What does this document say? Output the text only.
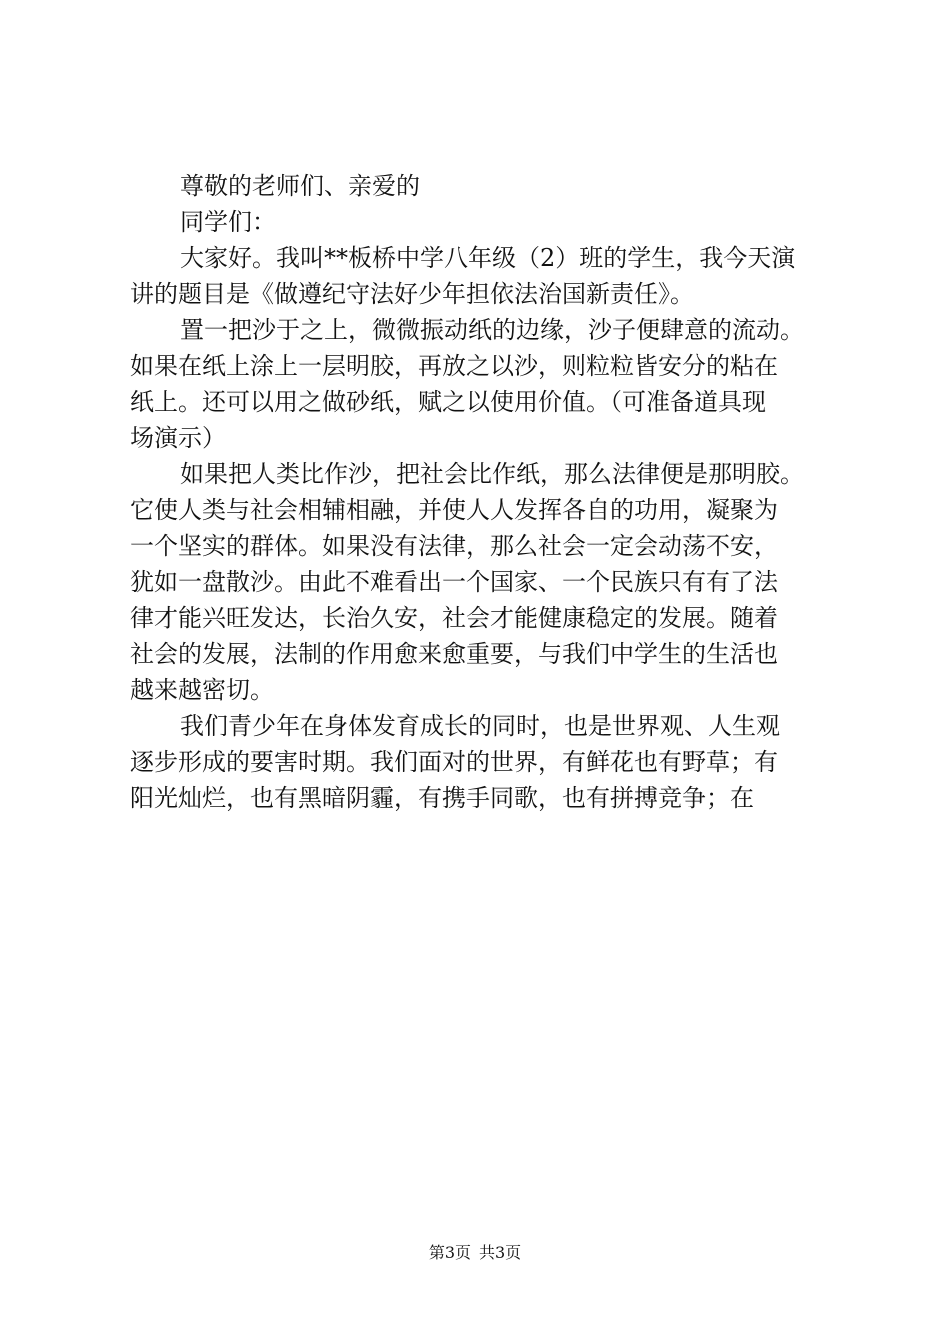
尊敬的老师们、亲爱的
同学们：
大家好。我叫**板桥中学八年级（2）班的学生，我今天演
讲的题目是《做遵纪守法好少年担依法治国新责任》。
置一把沙于之上，微微振动纸的边缘，沙子便肆意的流动。
如果在纸上涂上一层明胶，再放之以沙，则粒粒皆安分的粘在
纸上。还可以用之做砂纸，赋之以使用价值。（可准备道具现
场演示）
如果把人类比作沙，把社会比作纸，那么法律便是那明胶。
它使人类与社会相辅相融，并使人人发挥各自的功用，凝聚为
一个坚实的群体。如果没有法律，那么社会一定会动荡不安，
犹如一盘散沙。由此不难看出一个国家、一个民族只有有了法
律才能兴旺发达，长治久安，社会才能健康稳定的发展。随着
社会的发展，法制的作用愈来愈重要，与我们中学生的生活也
越来越密切。
我们青少年在身体发育成长的同时，也是世界观、人生观
逐步形成的要害时期。我们面对的世界，有鲜花也有野草；有
阳光灿烂，也有黑暗阴霾，有携手同歌，也有拼搏竞争；在
第3页 共3页
